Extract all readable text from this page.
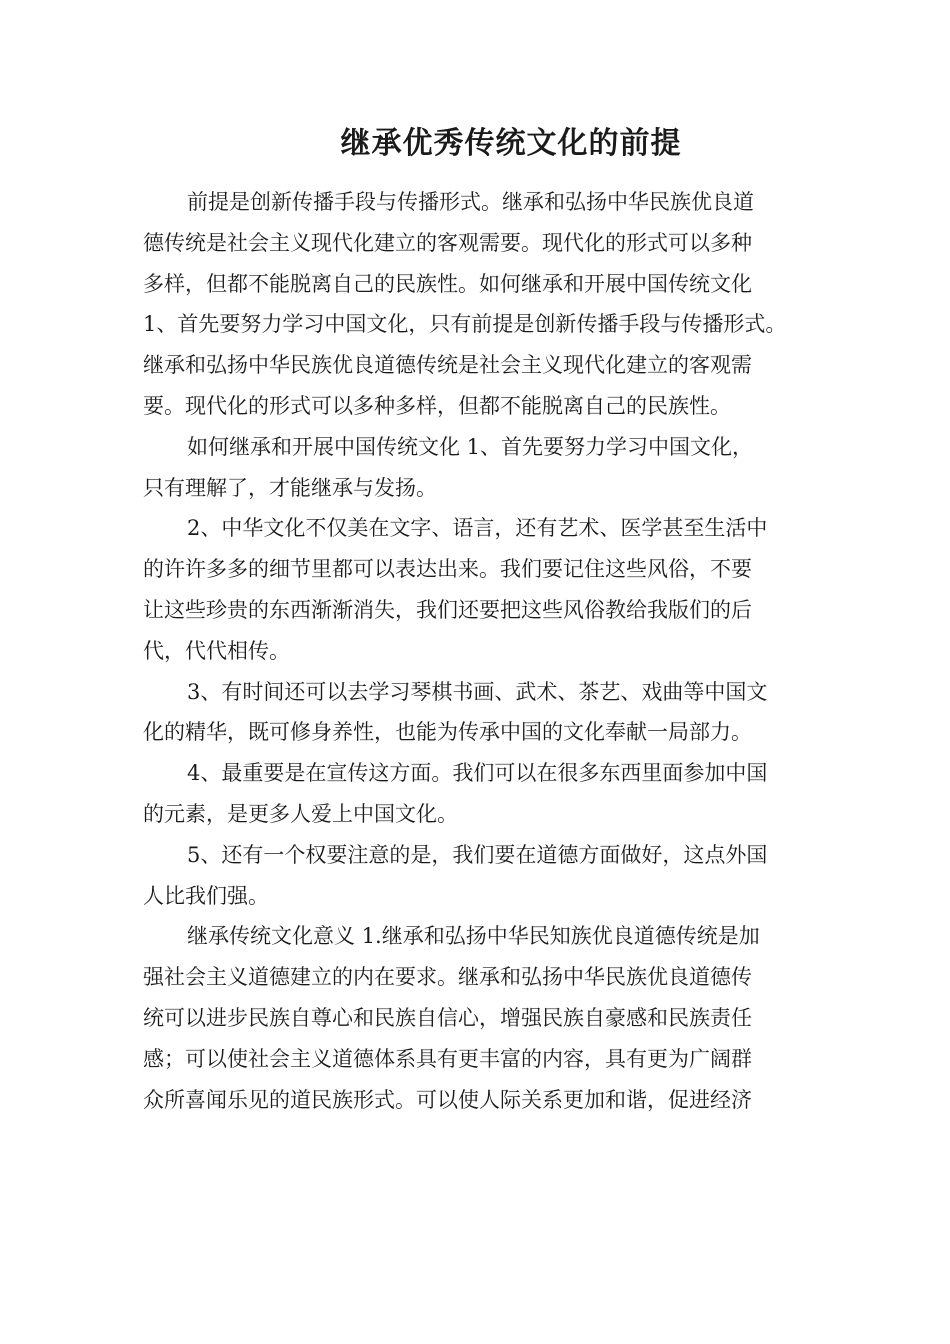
继承优秀传统文化的前提
前提是创新传播手段与传播形式。继承和弘扬中华民族优良道
德传统是社会主义现代化建立的客观需要。现代化的形式可以多种
多样，但都不能脱离自己的民族性。如何继承和开展中国传统文化
1、首先要努力学习中国文化，只有前提是创新传播手段与传播形式。
继承和弘扬中华民族优良道德传统是社会主义现代化建立的客观需
要。现代化的形式可以多种多样，但都不能脱离自己的民族性。
如何继承和开展中国传统文化 1、首先要努力学习中国文化，
只有理解了，才能继承与发扬。
2、中华文化不仅美在文字、语言，还有艺术、医学甚至生活中
的许许多多的细节里都可以表达出来。我们要记住这些风俗，不要
让这些珍贵的东西渐渐消失，我们还要把这些风俗教给我版们的后
代，代代相传。
3、有时间还可以去学习琴棋书画、武术、茶艺、戏曲等中国文
化的精华，既可修身养性，也能为传承中国的文化奉献一局部力。
4、最重要是在宣传这方面。我们可以在很多东西里面参加中国
的元素，是更多人爱上中国文化。
5、还有一个权要注意的是，我们要在道德方面做好，这点外国
人比我们强。
继承传统文化意义 1.继承和弘扬中华民知族优良道德传统是加
强社会主义道德建立的内在要求。继承和弘扬中华民族优良道德传
统可以进步民族自尊心和民族自信心，增强民族自豪感和民族责任
感；可以使社会主义道德体系具有更丰富的内容，具有更为广阔群
众所喜闻乐见的道民族形式。可以使人际关系更加和谐，促进经济
